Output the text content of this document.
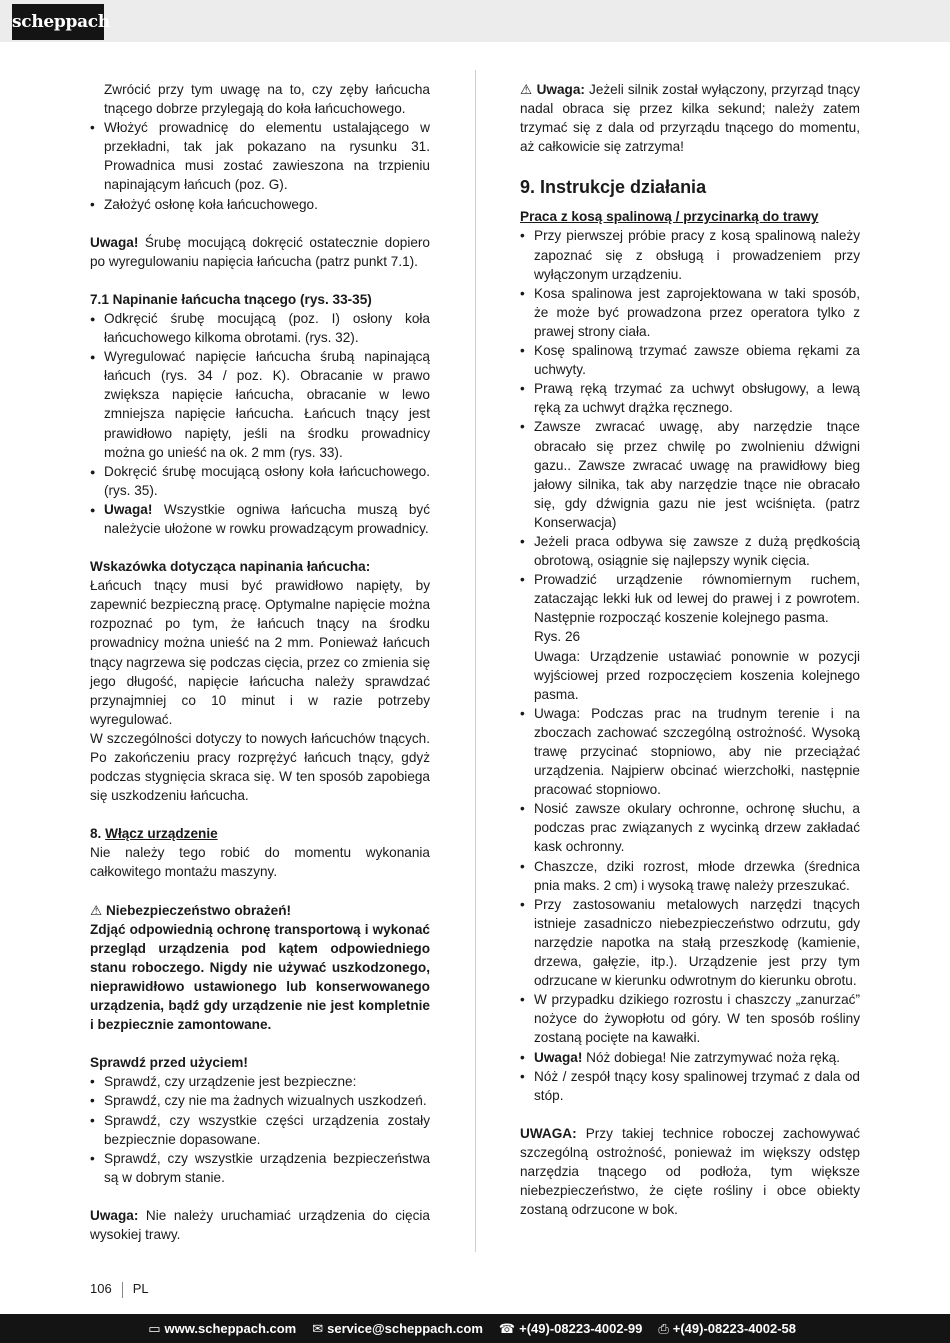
scheppach

Zwrócić przy tym uwagę na to, czy zęby łańcucha tnącego dobrze przylegają do koła łańcuchowego.

• Włożyć prowadnicę do elementu ustalającego w przekładni, tak jak pokazano na rysunku 31. Prowadnica musi zostać zawieszona na trzpieniu napinającym łańcuch (poz. G).
• Założyć osłonę koła łańcuchowego.

Uwaga! Śrubę mocującą dokręcić ostatecznie dopiero po wyregulowaniu napięcia łańcucha (patrz punkt 7.1).

7.1 Napinanie łańcucha tnącego (rys. 33-35)

● Odkręcić śrubę mocującą (poz. I) osłony koła łańcuchowego kilkoma obrotami. (rys. 32).
● Wyregulować napięcie łańcucha śrubą napinającą łańcuch (rys. 34 / poz. K). Obracanie w prawo zwiększa napięcie łańcucha, obracanie w lewo zmniejsza napięcie łańcucha. Łańcuch tnący jest prawidłowo napięty, jeśli na środku prowadnicy można go unieść na ok. 2 mm (rys. 33).
● Dokręcić śrubę mocującą osłony koła łańcuchowego. (rys. 35).
● Uwaga! Wszystkie ogniwa łańcucha muszą być należycie ułożone w rowku prowadzącym prowadnicy.

Wskazówka dotycząca napinania łańcucha:

Łańcuch tnący musi być prawidłowo napięty, by zapewnić bezpieczną pracę. Optymalne napięcie można rozpoznać po tym, że łańcuch tnący na środku prowadnicy można unieść na 2 mm. Ponieważ łańcuch tnący nagrzewa się podczas cięcia, przez co zmienia się jego długość, napięcie łańcucha należy sprawdzać przynajmniej co 10 minut i w razie potrzeby wyregulować.

W szczególności dotyczy to nowych łańcuchów tnących. Po zakończeniu pracy rozprężyć łańcuch tnący, gdyż podczas stygnięcia skraca się. W ten sposób zapobiega się uszkodzeniu łańcucha.

8. Włącz urządzenie

Nie należy tego robić do momentu wykonania całkowitego montażu maszyny.

⚠ Niebezpieczeństwo obrażeń!

Zdjąć odpowiednią ochronę transportową i wykonać przegląd urządzenia pod kątem odpowiedniego stanu roboczego. Nigdy nie używać uszkodzonego, nieprawidłowo ustawionego lub konserwowanego urządzenia, bądź gdy urządzenie nie jest kompletnie i bezpiecznie zamontowane.

Sprawdź przed użyciem!

• Sprawdź, czy urządzenie jest bezpieczne:
• Sprawdź, czy nie ma żadnych wizualnych uszkodzeń.
• Sprawdź, czy wszystkie części urządzenia zostały bezpiecznie dopasowane.
• Sprawdź, czy wszystkie urządzenia bezpieczeństwa są w dobrym stanie.

Uwaga: Nie należy uruchamiać urządzenia do cięcia wysokiej trawy.

⚠ Uwaga: Jeżeli silnik został wyłączony, przyrząd tnący nadal obraca się przez kilka sekund; należy zatem trzymać się z dala od przyrządu tnącego do momentu, aż całkowicie się zatrzyma!

9. Instrukcje działania

Praca z kosą spalinową / przycinarką do trawy

• Przy pierwszej próbie pracy z kosą spalinową należy zapoznać się z obsługą i prowadzeniem przy wyłączonym urządzeniu.
• Kosa spalinowa jest zaprojektowana w taki sposób, że może być prowadzona przez operatora tylko z prawej strony ciała.
• Kosę spalinową trzymać zawsze obiema rękami za uchwyty.
• Prawą ręką trzymać za uchwyt obsługowy, a lewą ręką za uchwyt drążka ręcznego.
• Zawsze zwracać uwagę, aby narzędzie tnące obracało się przez chwilę po zwolnieniu dźwigni gazu.. Zawsze zwracać uwagę na prawidłowy bieg jałowy silnika, tak aby narzędzie tnące nie obracało się, gdy dźwignia gazu nie jest wciśnięta. (patrz Konserwacja)
• Jeżeli praca odbywa się zawsze z dużą prędkością obrotową, osiągnie się najlepszy wynik cięcia.
• Prowadzić urządzenie równomiernym ruchem, zataczając lekki łuk od lewej do prawej i z powrotem. Następnie rozpocząć koszenie kolejnego pasma.
Rys. 26
Uwaga: Urządzenie ustawiać ponownie w pozycji wyjściowej przed rozpoczęciem koszenia kolejnego pasma.
• Uwaga: Podczas prac na trudnym terenie i na zboczach zachować szczególną ostrożność. Wysoką trawę przycinać stopniowo, aby nie przeciążać urządzenia. Najpierw obcinać wierzchołki, następnie pracować stopniowo.
• Nosić zawsze okulary ochronne, ochronę słuchu, a podczas prac związanych z wycinką drzew zakładać kask ochronny.
• Chaszcze, dziki rozrost, młode drzewka (średnica pnia maks. 2 cm) i wysoką trawę należy przeszukać.
• Przy zastosowaniu metalowych narzędzi tnących istnieje zasadniczo niebezpieczeństwo odrzutu, gdy narzędzie napotka na stałą przeszkodę (kamienie, drzewa, gałęzie, itp.). Urządzenie jest przy tym odrzucane w kierunku odwrotnym do kierunku obrotu.
• W przypadku dzikiego rozrostu i chaszczy „zanurzać” nożyce do żywopłotu od góry. W ten sposób rośliny zostaną pocięte na kawałki.
• Uwaga! Nóż dobiega! Nie zatrzymywać noża ręką.
• Nóż / zespół tnący kosy spalinowej trzymać z dala od stóp.

UWAGA: Przy takiej technice roboczej zachowywać szczególną ostrożność, ponieważ im większy odstęp narzędzia tnącego od podłoża, tym większe niebezpieczeństwo, że cięte rośliny i obce obiekty zostaną odrzucone w bok.

106 PL
▭ www.scheppach.com ✉ service@scheppach.com ☎ +(49)-08223-4002-99 ⎙ +(49)-08223-4002-58
